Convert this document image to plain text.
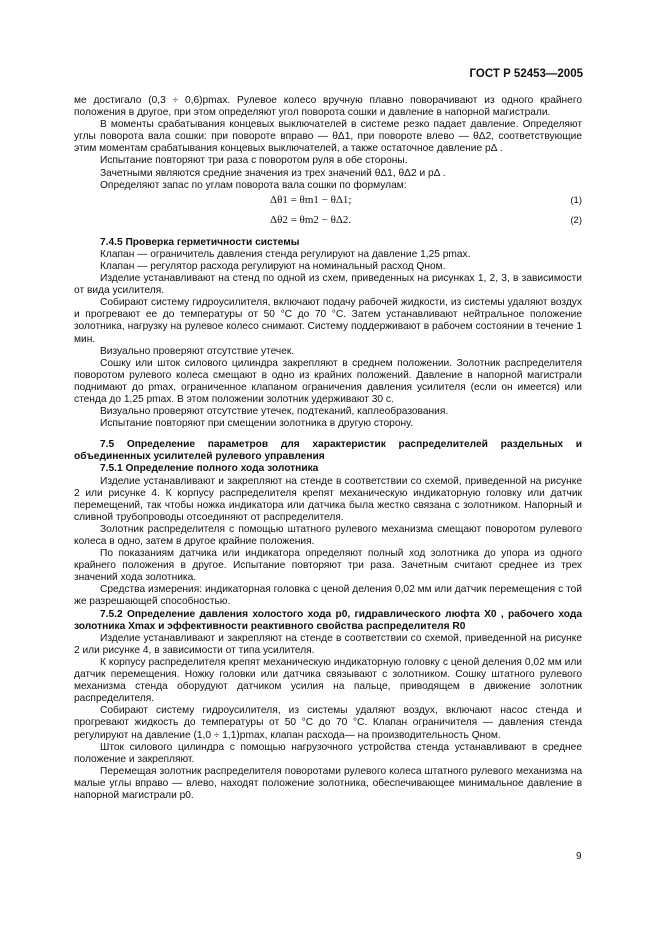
ГОСТ Р 52453—2005

ме достигало (0,3 ÷ 0,6)pmax. Рулевое колесо вручную плавно поворачивают из одного крайнего положения в другое, при этом определяют угол поворота сошки и давление в напорной магистрали.

В моменты срабатывания концевых выключателей в системе резко падает давление. Определяют углы поворота вала сошки: при повороте вправо — θΔ1, при повороте влево — θΔ2, соответствующие этим моментам срабатывания концевых выключателей, а также остаточное давление pΔ .

Испытание повторяют три раза с поворотом руля в обе стороны.

Зачетными являются средние значения из трех значений θΔ1, θΔ2 и pΔ .

Определяют запас по углам поворота вала сошки по формулам:

Δθ1 = θm1 − θΔ1;	(1)
Δθ2 = θm2 − θΔ2.	(2)

7.4.5 Проверка герметичности системы

Клапан — ограничитель давления стенда регулируют на давление 1,25 pmax.

Клапан — регулятор расхода регулируют на номинальный расход Qном.

Изделие устанавливают на стенд по одной из схем, приведенных на рисунках 1, 2, 3, в зависимости от вида усилителя.

Собирают систему гидроусилителя, включают подачу рабочей жидкости, из системы удаляют воздух и прогревают ее до температуры от 50 °С до 70 °С. Затем устанавливают нейтральное положение золотника, нагрузку на рулевое колесо снимают. Систему поддерживают в рабочем состоянии в течение 1 мин.

Визуально проверяют отсутствие утечек.

Сошку или шток силового цилиндра закрепляют в среднем положении. Золотник распределителя поворотом рулевого колеса смещают в одно из крайних положений. Давление в напорной магистрали поднимают до pmax, ограниченное клапаном ограничения давления усилителя (если он имеется) или стенда до 1,25 pmax. В этом положении золотник удерживают 30 с.

Визуально проверяют отсутствие утечек, подтеканий, каплеобразования.

Испытание повторяют при смещении золотника в другую сторону.

7.5 Определение параметров для характеристик распределителей раздельных и объединенных усилителей рулевого управления

7.5.1 Определение полного хода золотника

Изделие устанавливают и закрепляют на стенде в соответствии со схемой, приведенной на рисунке 2 или рисунке 4. К корпусу распределителя крепят механическую индикаторную головку или датчик перемещений, так чтобы ножка индикатора или датчика была жестко связана с золотником. Напорный и сливной трубопроводы отсоединяют от распределителя.

Золотник распределителя с помощью штатного рулевого механизма смещают поворотом рулевого колеса в одно, затем в другое крайние положения.

По показаниям датчика или индикатора определяют полный ход золотника до упора из одного крайнего положения в другое. Испытание повторяют три раза. Зачетным считают среднее из трех значений хода золотника.

Средства измерения: индикаторная головка с ценой деления 0,02 мм или датчик перемещения с той же разрешающей способностью.

7.5.2 Определение давления холостого хода p0, гидравлического люфта X0 , рабочего хода золотника Xmax и эффективности реактивного свойства распределителя R0

Изделие устанавливают и закрепляют на стенде в соответствии со схемой, приведенной на рисунке 2 или рисунке 4, в зависимости от типа усилителя.

К корпусу распределителя крепят механическую индикаторную головку с ценой деления 0,02 мм или датчик перемещения. Ножку головки или датчика связывают с золотником. Сошку штатного рулевого механизма стенда оборудуют датчиком усилия на пальце, приводящем в движение золотник распределителя.

Собирают систему гидроусилителя, из системы удаляют воздух, включают насос стенда и прогревают жидкость до температуры от 50 °С до 70 °С. Клапан ограничителя — давления стенда регулируют на давление (1,0 ÷ 1,1)pmax, клапан расхода— на производительность Qном.

Шток силового цилиндра с помощью нагрузочного устройства стенда устанавливают в среднее положение и закрепляют.

Перемещая золотник распределителя поворотами рулевого колеса штатного рулевого механизма на малые углы вправо — влево, находят положение золотника, обеспечивающее минимальное давление в напорной магистрали p0.

9
